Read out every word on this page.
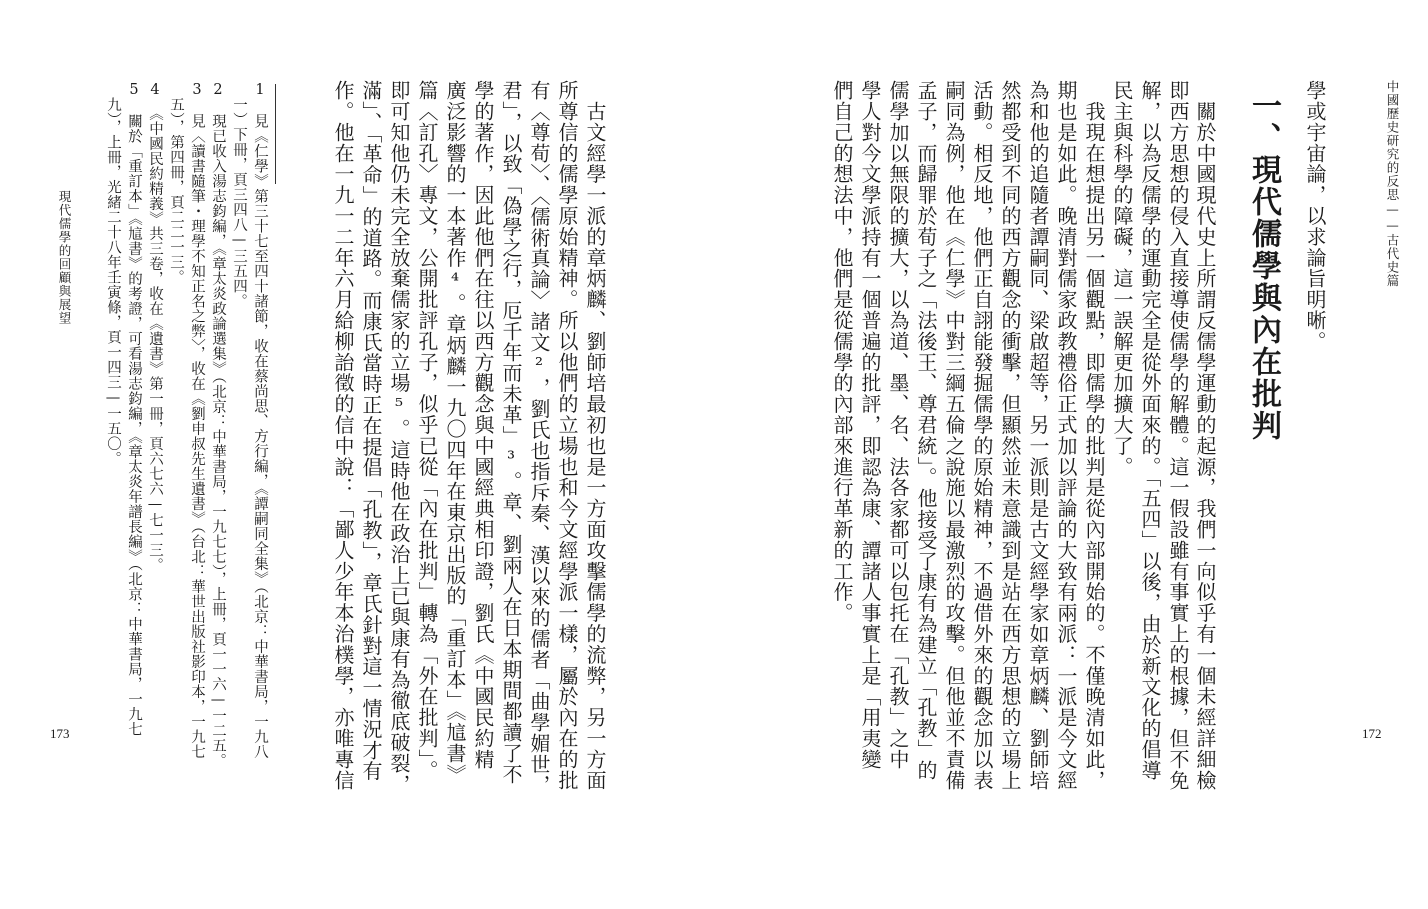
中國歷史研究的反思——古代史篇
172
學或宇宙論，以求論旨明晰。
一、現代儒學與內在批判
　關於中國現代史上所謂反儒學運動的起源，我們一向似乎有一個未經詳細檢
即西方思想的侵入直接導使儒學的解體。這一假設雖有事實上的根據，但不免
解，以為反儒學的運動完全是從外面來的。「五四」以後，由於新文化的倡導
民主與科學的障礙，這一誤解更加擴大了。
　我現在想提出另一個觀點，即儒學的批判是從內部開始的。不僅晚清如此，
期也是如此。晚清對儒家政教禮俗正式加以評論的大致有兩派：一派是今文經
為和他的追隨者譚嗣同、梁啟超等，另一派則是古文經學家如章炳麟、劉師培
然都受到不同的西方觀念的衝擊，但顯然並未意識到是站在西方思想的立場上
活動。相反地，他們正自詡能發掘儒學的原始精神，不過借外來的觀念加以表
嗣同為例，他在《仁學》中對三綱五倫之說施以最激烈的攻擊。但他並不責備
孟子，而歸罪於荀子之「法後王、尊君統」。他接受了康有為建立「孔教」的
儒學加以無限的擴大，以為道、墨、名、法各家都可以包托在「孔教」之中
學人對今文學派持有一個普遍的批評，即認為康、譚諸人事實上是「用夷變
們自己的想法中，他們是從儒學的內部來進行革新的工作。
　古文經學一派的章炳麟、劉師培最初也是一方面攻擊儒學的流弊，另一方面
所尊信的儒學原始精神。所以他們的立場也和今文經學派一樣，屬於內在的批
有〈尊荀〉、〈儒術真論〉諸文²，劉氏也指斥秦、漢以來的儒者「曲學媚世，
君」，以致「偽學之行，厄千年而未革」³。章、劉兩人在日本期間都讀了不
學的著作，因此他們在往以西方觀念與中國經典相印證，劉氏《中國民約精
廣泛影響的一本著作⁴。章炳麟一九〇四年在東京出版的「重訂本」《訄書》
篇〈訂孔〉專文，公開批評孔子，似乎已從「內在批判」轉為「外在批判」。
即可知他仍未完全放棄儒家的立場⁵。這時他在政治上已與康有為徹底破裂，
滿」、「革命」的道路。而康氏當時正在提倡「孔教」，章氏針對這一情況才有
作。他在一九一二年六月給柳詒徵的信中說：「鄙人少年本治樸學，亦唯專信
1　見《仁學》第三十七至四十諸節，收在蔡尚思、方行編，《譚嗣同全集》（北京：中華書局，一九八
　一）下冊，頁三四八—三五四。
2　現已收入湯志鈞編，《章太炎政論選集》（北京：中華書局，一九七七），上冊，頁一一六—一二五。
3　見〈讀書隨筆・理學不知正名之弊〉，收在《劉申叔先生遺書》（台北：華世出版社影印本，一九七
　五），第四冊，頁二二一三。
4　《中國民約精義》共三卷，收在《遺書》第一冊，頁六七六—七一三。
5　關於「重訂本」《訄書》的考證，可看湯志鈞編，《章太炎年譜長編》（北京：中華書局，一九七
　九），上冊，光緒二十八年壬寅條，頁一四三—一五〇。
現代儒學的回顧與展望
173
